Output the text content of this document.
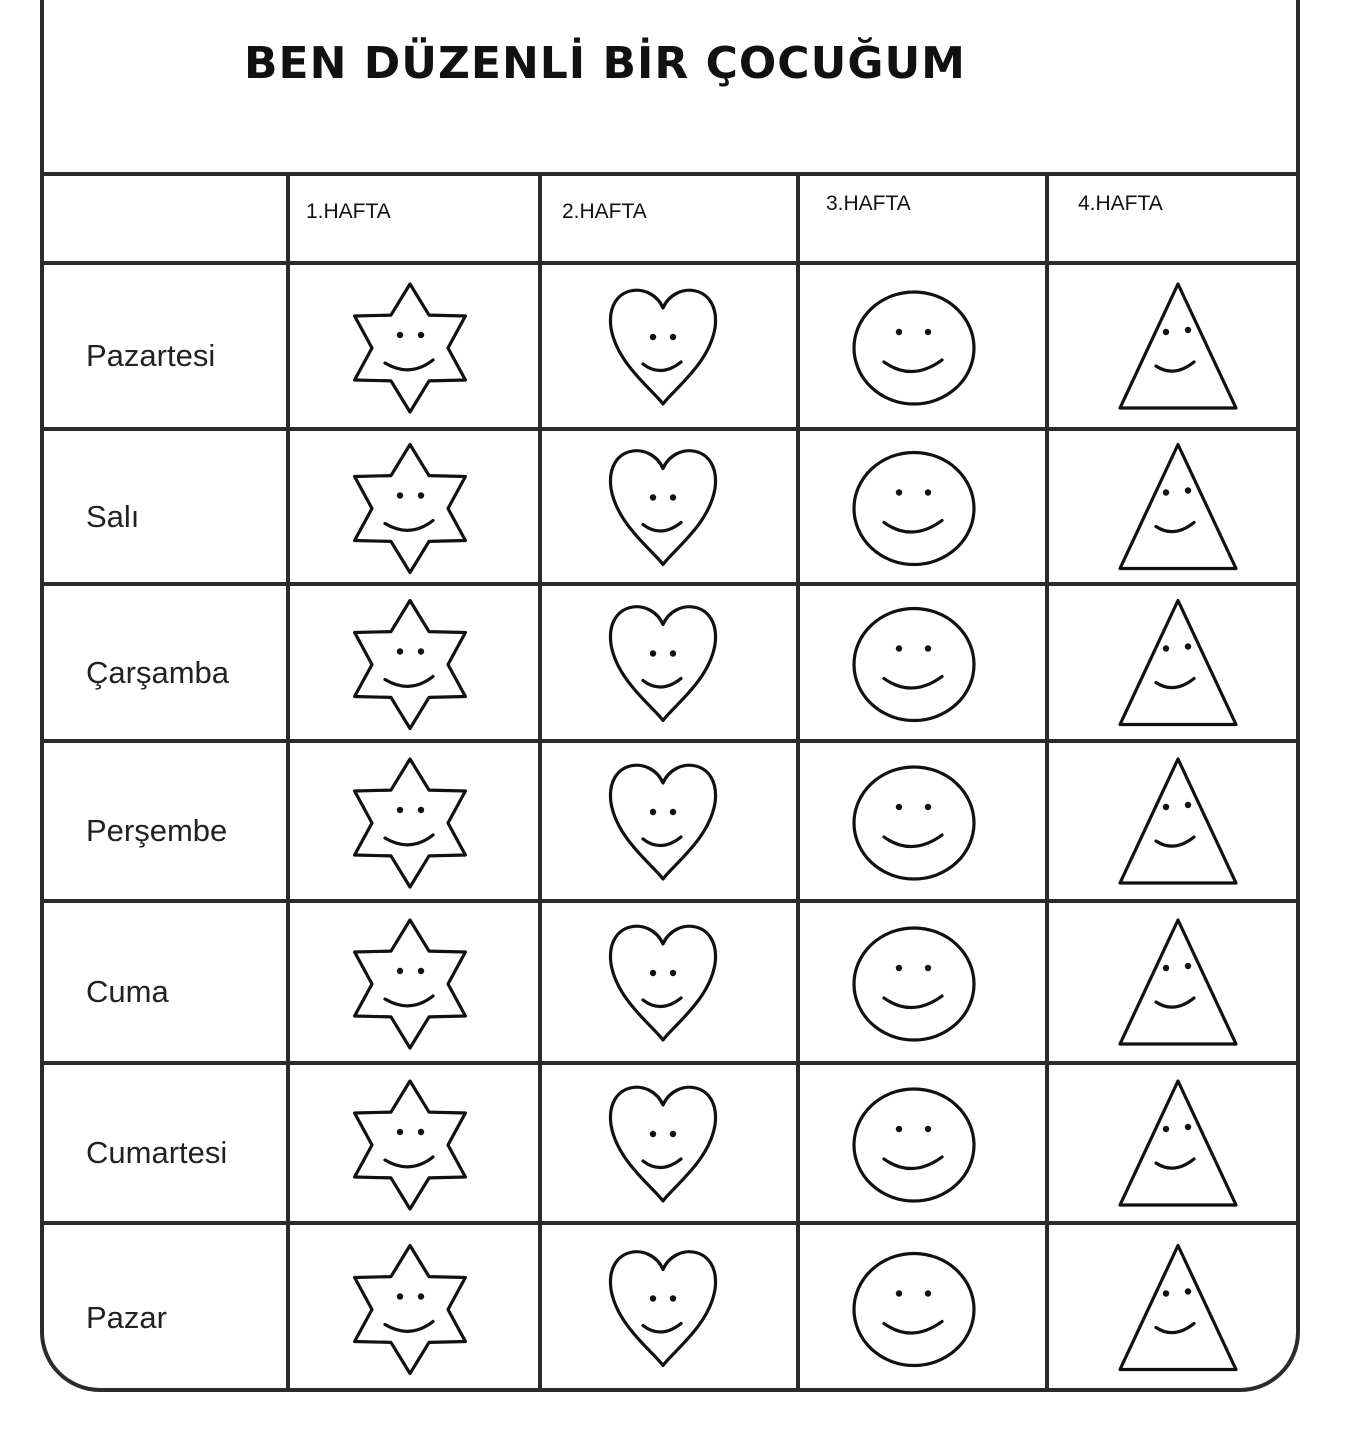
BEN DÜZENLİ BİR ÇOCUĞUM
1.HAFTA	2.HAFTA	3.HAFTA	4.HAFTA
Pazartesi
Salı
Çarşamba
Perşembe
Cuma
Cumartesi
Pazar
